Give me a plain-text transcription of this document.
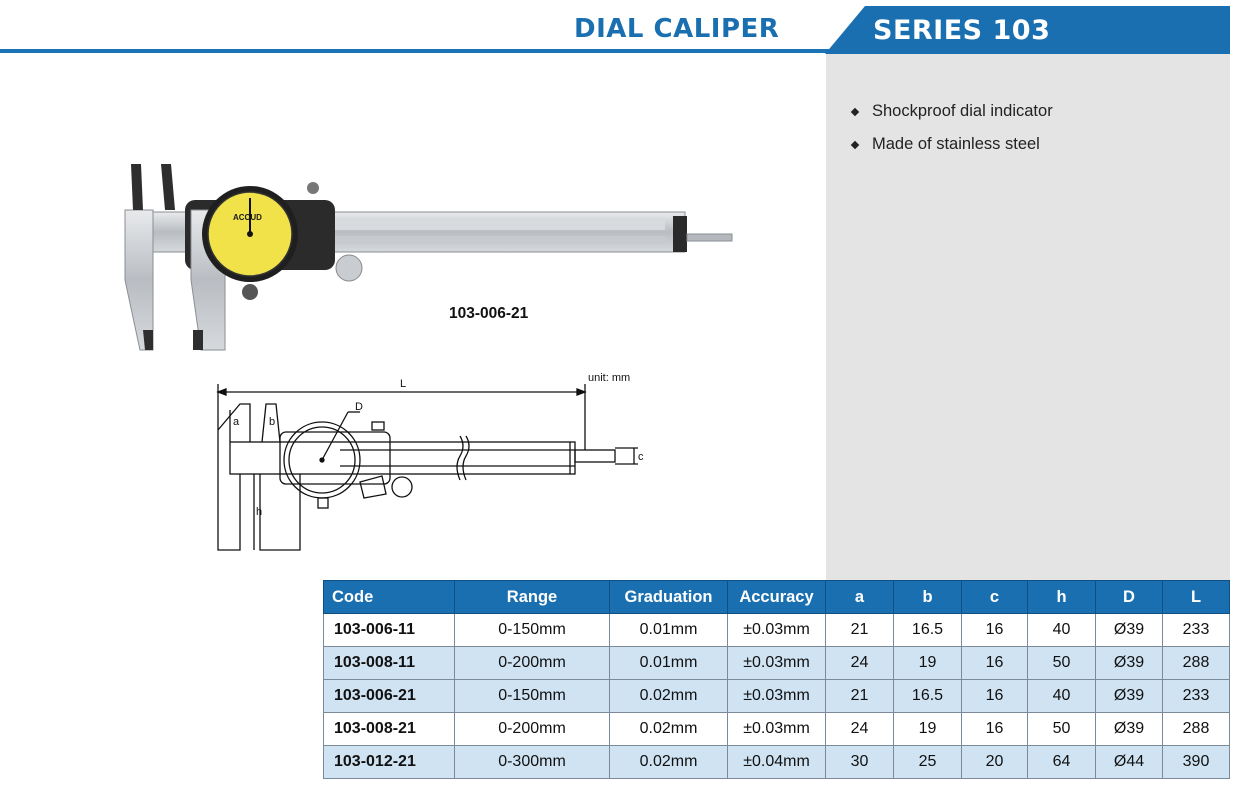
DIAL CALIPER	SERIES 103
Shockproof dial indicator
Made of stainless steel
ACCUD
103-006-21
L
D
a	b
c
h
unit: mm
Code	Range	Graduation	Accuracy	a	b	c	h	D	L
103-006-11	0-150mm	0.01mm	±0.03mm	21	16.5	16	40	Ø39	233
103-008-11	0-200mm	0.01mm	±0.03mm	24	19	16	50	Ø39	288
103-006-21	0-150mm	0.02mm	±0.03mm	21	16.5	16	40	Ø39	233
103-008-21	0-200mm	0.02mm	±0.03mm	24	19	16	50	Ø39	288
103-012-21	0-300mm	0.02mm	±0.04mm	30	25	20	64	Ø44	390
